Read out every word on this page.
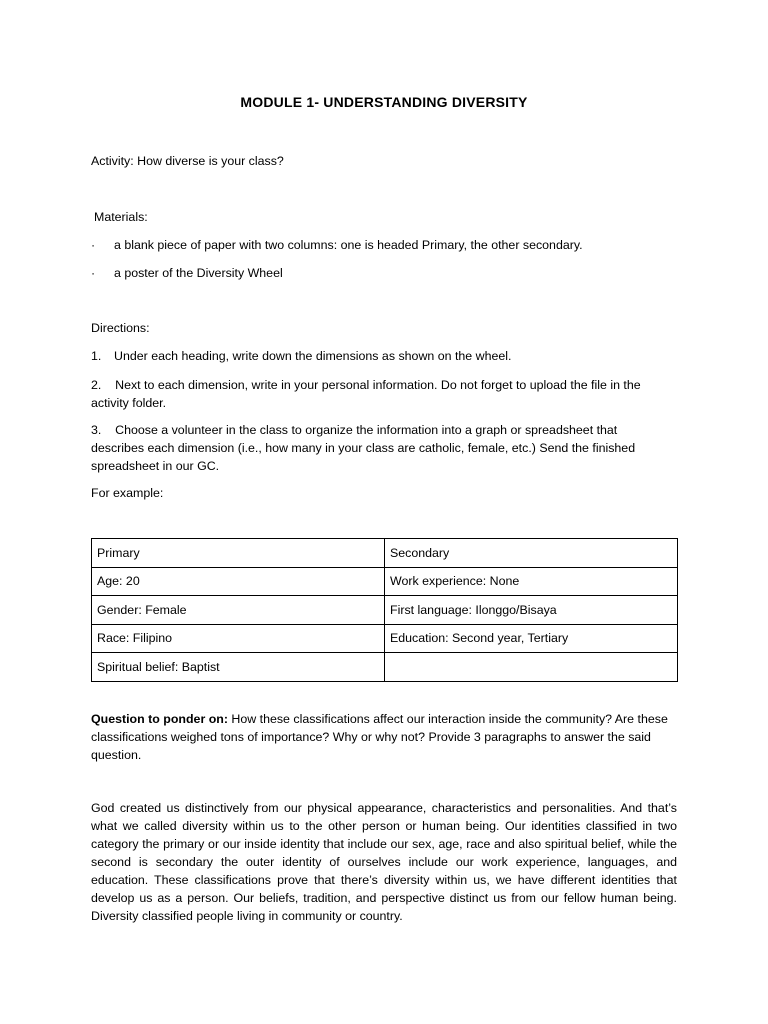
MODULE 1- UNDERSTANDING DIVERSITY
Activity: How diverse is your class?
Materials:
· a blank piece of paper with two columns: one is headed Primary, the other secondary.
· a poster of the Diversity Wheel
Directions:
1. Under each heading, write down the dimensions as shown on the wheel.
2. Next to each dimension, write in your personal information. Do not forget to upload the file in the activity folder.
3. Choose a volunteer in the class to organize the information into a graph or spreadsheet that describes each dimension (i.e., how many in your class are catholic, female, etc.) Send the finished spreadsheet in our GC.
For example:
Primary	Secondary
Age: 20	Work experience: None
Gender: Female	First language: Ilonggo/Bisaya
Race: Filipino	Education: Second year, Tertiary
Spiritual belief: Baptist	
Question to ponder on: How these classifications affect our interaction inside the community? Are these classifications weighed tons of importance? Why or why not? Provide 3 paragraphs to answer the said question.
God created us distinctively from our physical appearance, characteristics and personalities. And that’s what we called diversity within us to the other person or human being. Our identities classified in two category the primary or our inside identity that include our sex, age, race and also spiritual belief, while the second is secondary the outer identity of ourselves include our work experience, languages, and education. These classifications prove that there’s diversity within us, we have different identities that develop us as a person. Our beliefs, tradition, and perspective distinct us from our fellow human being. Diversity classified people living in community or country.
